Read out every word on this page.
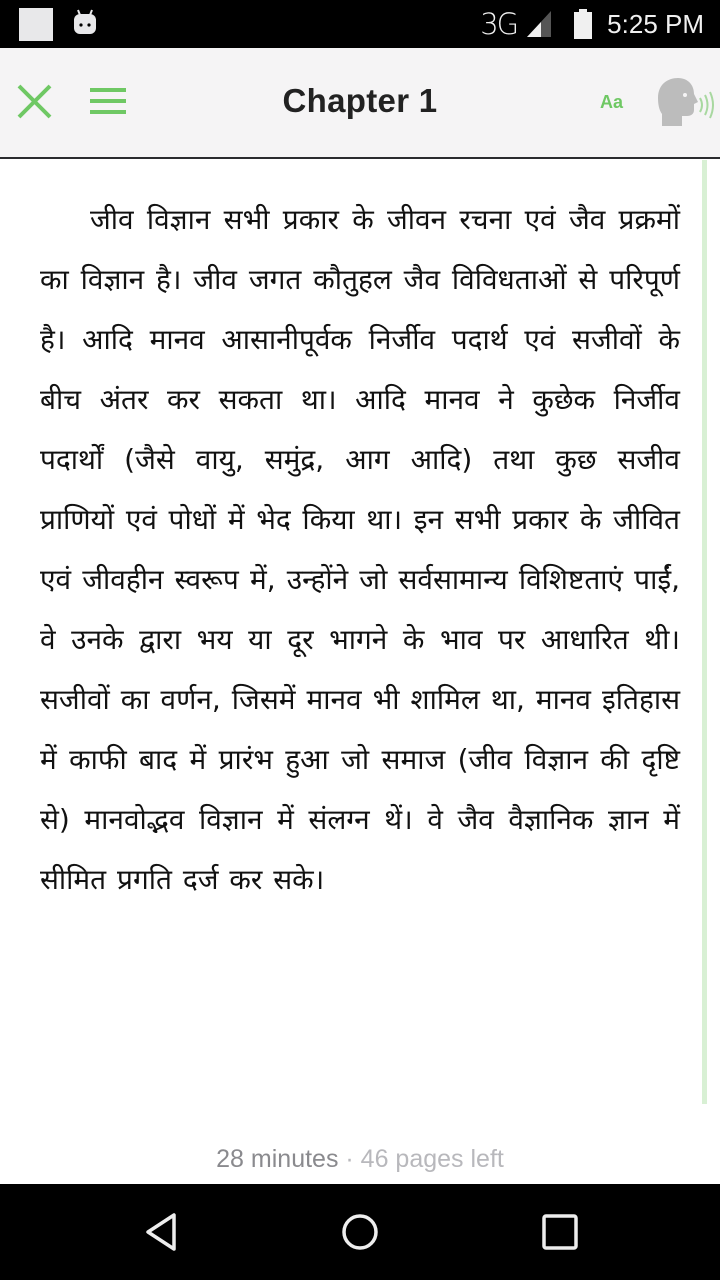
3G	5:25 PM
Chapter 1	Aa

जीव विज्ञान सभी प्रकार के जीवन रचना एवं जैव प्रक्रमों का विज्ञान है। जीव जगत कौतुहल जैव विविधताओं से परिपूर्ण है। आदि मानव आसानीपूर्वक निर्जीव पदार्थ एवं सजीवों के बीच अंतर कर सकता था। आदि मानव ने कुछेक निर्जीव पदार्थों (जैसे वायु, समुंद्र, आग आदि) तथा कुछ सजीव प्राणियों एवं पोधों में भेद किया था। इन सभी प्रकार के जीवित एवं जीवहीन स्वरूप में, उन्होंने जो सर्वसामान्य विशिष्टताएं पाईं, वे उनके द्वारा भय या दूर भागने के भाव पर आधारित थी। सजीवों का वर्णन, जिसमें मानव भी शामिल था, मानव इतिहास में काफी बाद में प्रारंभ हुआ जो समाज (जीव विज्ञान की दृष्टि से) मानवोद्भव विज्ञान में संलग्न थें। वे जैव वैज्ञानिक ज्ञान में सीमित प्रगति दर्ज कर सके।

28 minutes · 46 pages left
